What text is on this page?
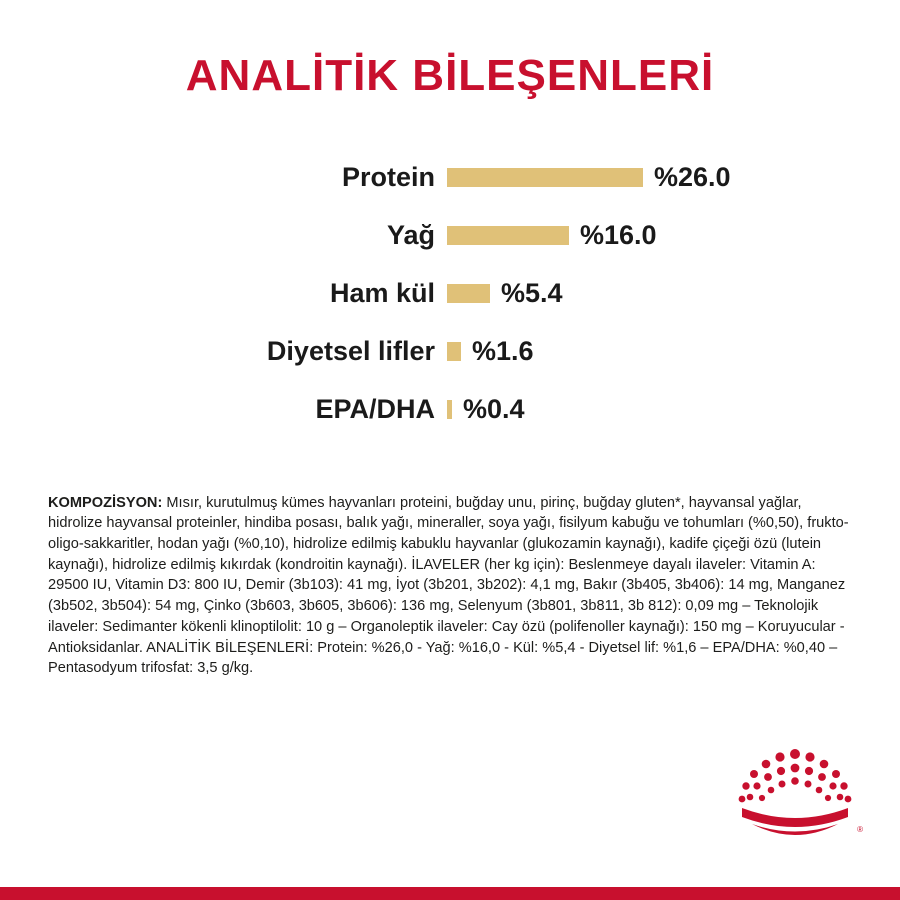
ANALİTİK BİLEŞENLERİ
Protein	%26.0
Yağ	%16.0
Ham kül	%5.4
Diyetsel lifler	%1.6
EPA/DHA	%0.4

KOMPOZİSYON: Mısır, kurutulmuş kümes hayvanları proteini, buğday unu, pirinç, buğday gluten*, hayvansal yağlar, hidrolize hayvansal proteinler, hindiba posası, balık yağı, mineraller, soya yağı, fisilyum kabuğu ve tohumları (%0,50), frukto-oligo-sakkaritler, hodan yağı (%0,10), hidrolize edilmiş kabuklu hayvanlar (glukozamin kaynağı), kadife çiçeği özü (lutein kaynağı), hidrolize edilmiş kıkırdak (kondroitin kaynağı). İLAVELER (her kg için): Beslenmeye dayalı ilaveler: Vitamin A: 29500 IU, Vitamin D3: 800 IU, Demir (3b103): 41 mg, İyot (3b201, 3b202): 4,1 mg, Bakır (3b405, 3b406): 14 mg, Manganez (3b502, 3b504): 54 mg, Çinko (3b603, 3b605, 3b606): 136 mg, Selenyum (3b801, 3b811, 3b 812): 0,09 mg – Teknolojik ilaveler: Sedimanter kökenli klinoptilolit: 10 g – Organoleptik ilaveler: Cay özü (polifenoller kaynağı): 150 mg – Koruyucular - Antioksidanlar. ANALİTİK BİLEŞENLERİ: Protein: %26,0 - Yağ: %16,0 - Kül: %5,4 - Diyetsel lif: %1,6 – EPA/DHA: %0,40 – Pentasodyum trifosfat: 3,5 g/kg.

®
